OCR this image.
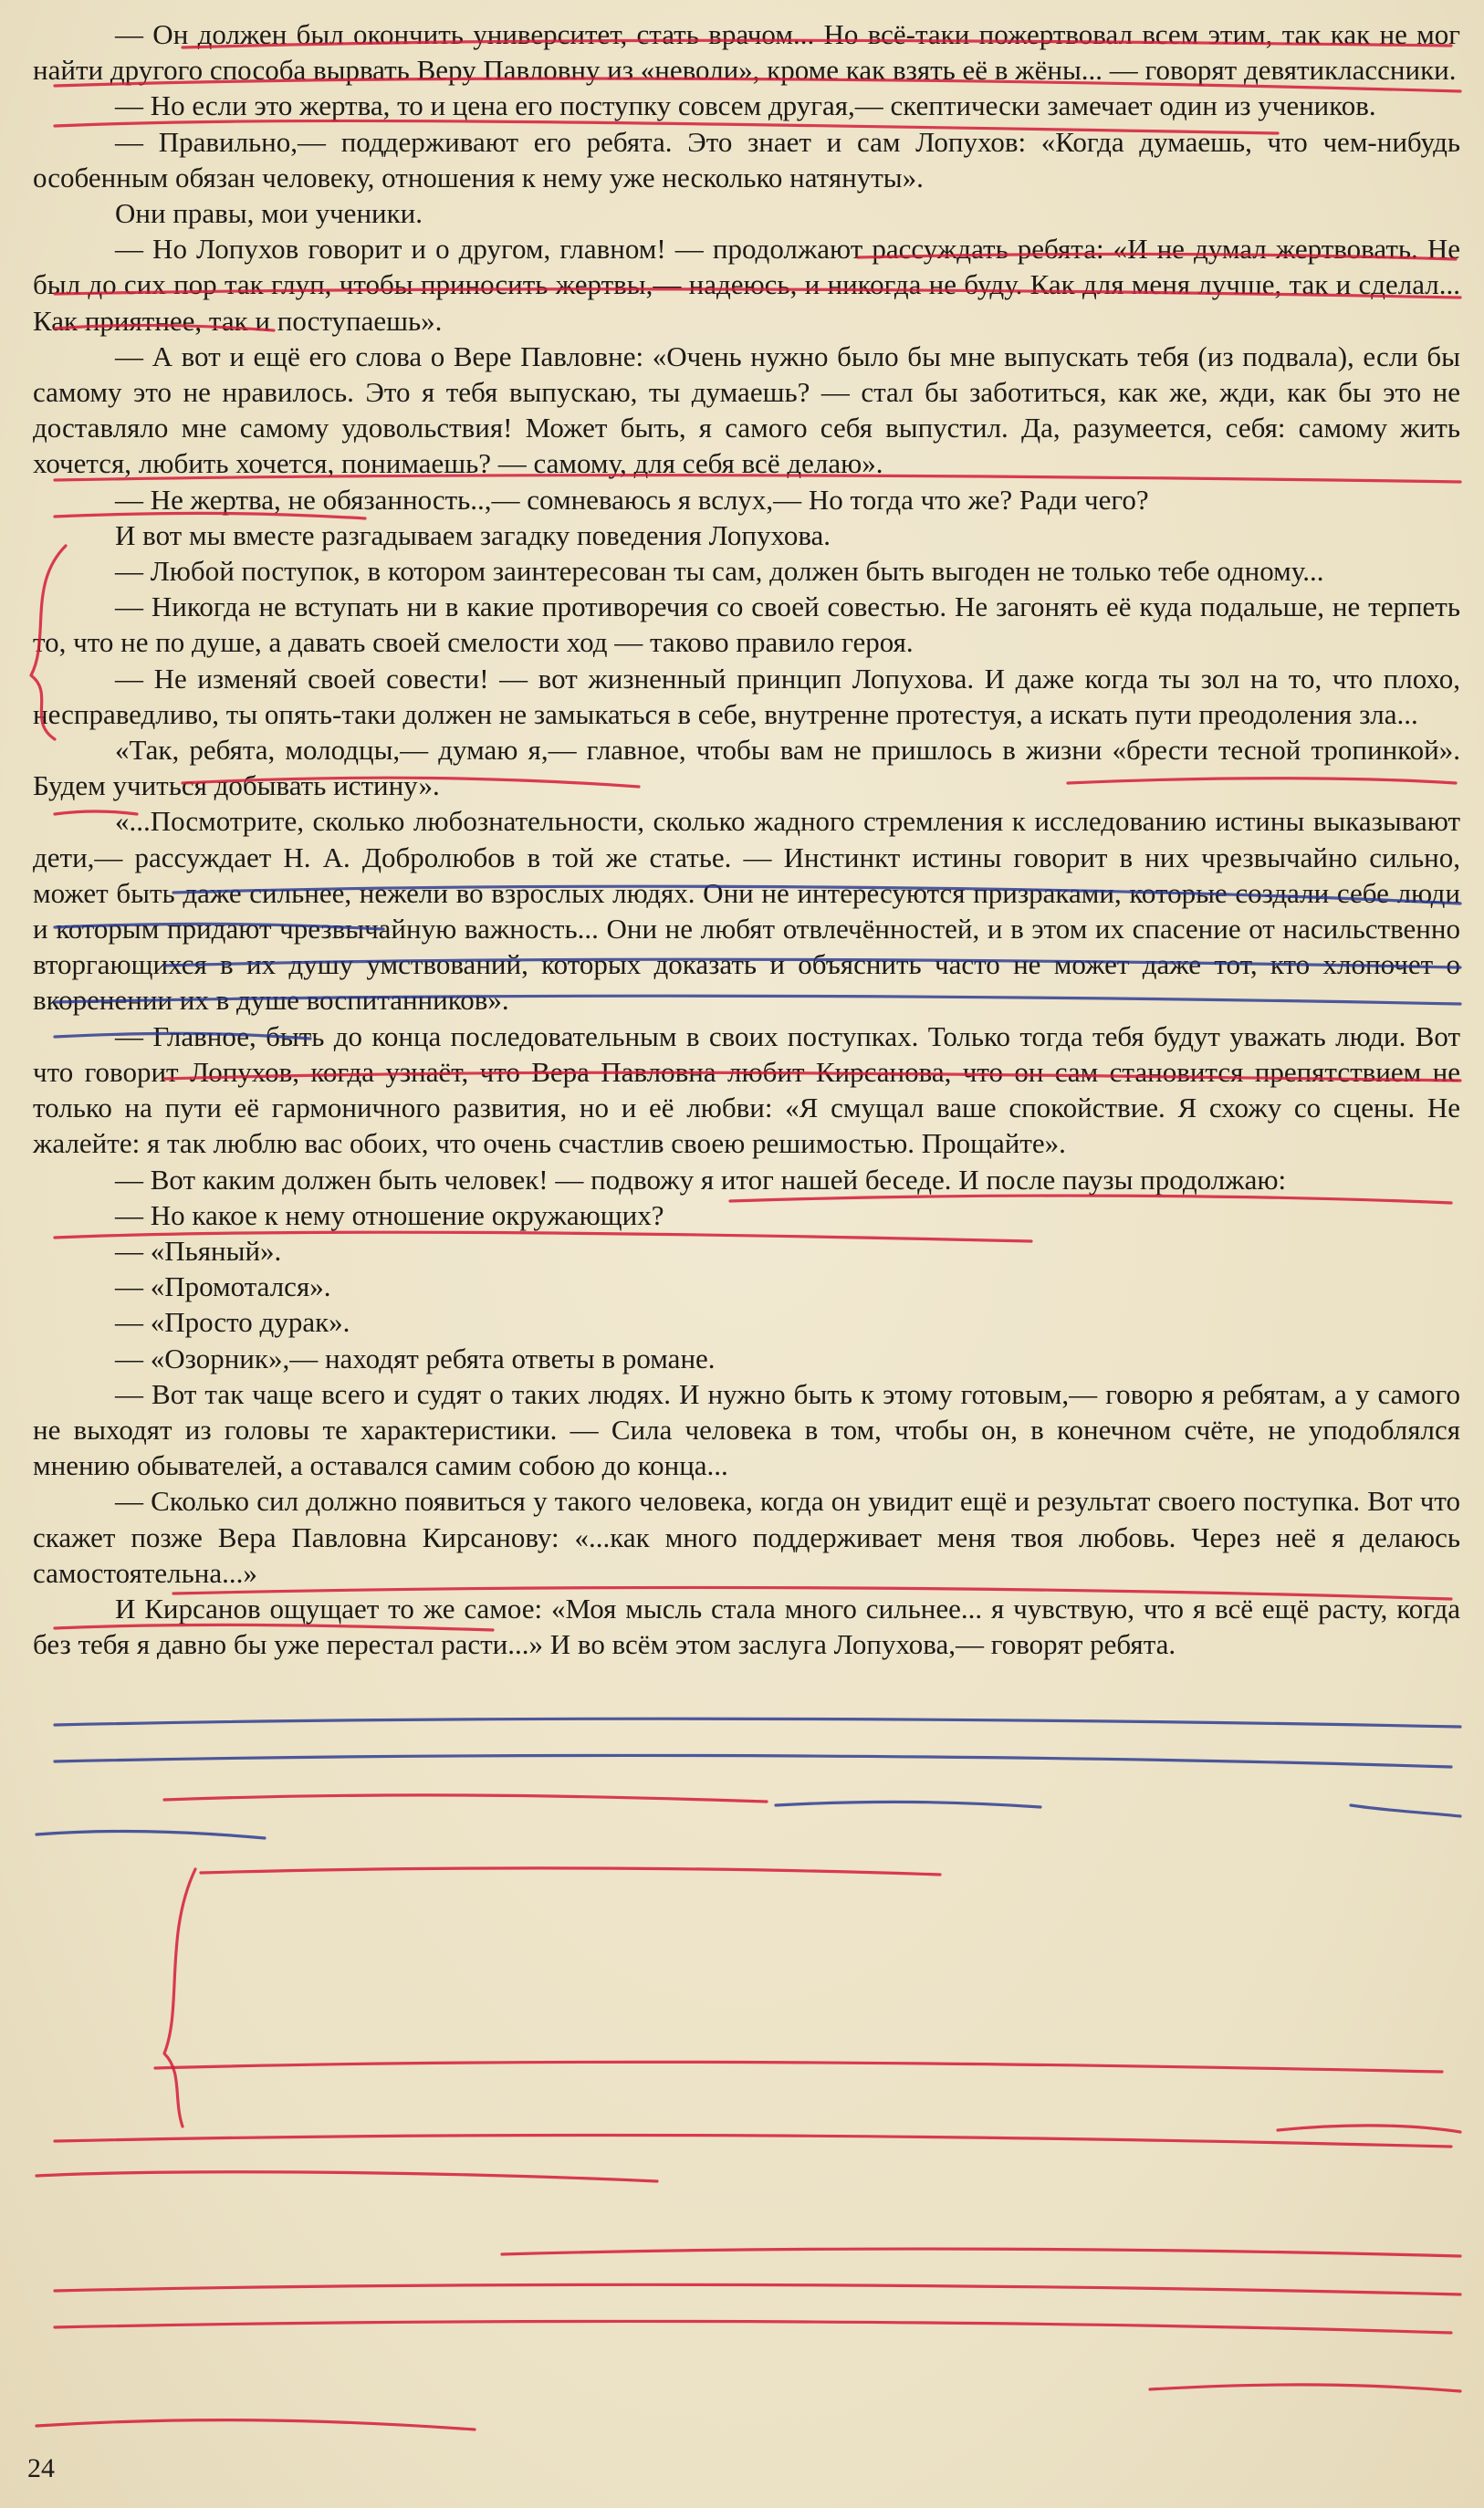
— Он должен был окончить университет, стать врачом... Но всё-таки пожертвовал всем этим, так как не мог найти другого способа вырвать Веру Павловну из «неволи», кроме как взять её в жёны... — говорят девятиклассники.

— Но если это жертва, то и цена его поступку совсем другая,— скептически замечает один из учеников.

— Правильно,— поддерживают его ребята. Это знает и сам Лопухов: «Когда думаешь, что чем-нибудь особенным обязан человеку, отношения к нему уже несколько натянуты».

Они правы, мои ученики.

— Но Лопухов говорит и о другом, главном! — продолжают рассуждать ребята: «И не думал жертвовать. Не был до сих пор так глуп, чтобы приносить жертвы,— надеюсь, и никогда не буду. Как для меня лучше, так и сделал... Как приятнее, так и поступаешь».

— А вот и ещё его слова о Вере Павловне: «Очень нужно было бы мне выпускать тебя (из подвала), если бы самому это не нравилось. Это я тебя выпускаю, ты думаешь? — стал бы заботиться, как же, жди, как бы это не доставляло мне самому удовольствия! Может быть, я самого себя выпустил. Да, разумеется, себя: самому жить хочется, любить хочется, понимаешь? — самому, для себя всё делаю».

— Не жертва, не обязанность..,— сомневаюсь я вслух,— Но тогда что же? Ради чего?

И вот мы вместе разгадываем загадку поведения Лопухова.

— Любой поступок, в котором заинтересован ты сам, должен быть выгоден не только тебе одному...

— Никогда не вступать ни в какие противоречия со своей совестью. Не загонять её куда подальше, не терпеть то, что не по душе, а давать своей смелости ход — таково правило героя.

— Не изменяй своей совести! — вот жизненный принцип Лопухова. И даже когда ты зол на то, что плохо, несправедливо, ты опять-таки должен не замыкаться в себе, внутренне протестуя, а искать пути преодоления зла...

«Так, ребята, молодцы,— думаю я,— главное, чтобы вам не пришлось в жизни «брести тесной тропинкой». Будем учиться добывать истину».

«...Посмотрите, сколько любознательности, сколько жадного стремления к исследованию истины выказывают дети,— рассуждает Н. А. Добролюбов в той же статье. — Инстинкт истины говорит в них чрезвычайно сильно, может быть даже сильнее, нежели во взрослых людях. Они не интересуются призраками, которые создали себе люди и которым придают чрезвычайную важность... Они не любят отвлечённостей, и в этом их спасение от насильственно вторгающихся в их душу умствований, которых доказать и объяснить часто не может даже тот, кто хлопочет о вкоренении их в душе воспитанников».

— Главное, быть до конца последовательным в своих поступках. Только тогда тебя будут уважать люди. Вот что говорит Лопухов, когда узнаёт, что Вера Павловна любит Кирсанова, что он сам становится препятствием не только на пути её гармоничного развития, но и её любви: «Я смущал ваше спокойствие. Я схожу со сцены. Не жалейте: я так люблю вас обоих, что очень счастлив своею решимостью. Прощайте».

— Вот каким должен быть человек! — подвожу я итог нашей беседе. И после паузы продолжаю:

— Но какое к нему отношение окружающих?

— «Пьяный».

— «Промотался».

— «Просто дурак».

— «Озорник»,— находят ребята ответы в романе.

— Вот так чаще всего и судят о таких людях. И нужно быть к этому готовым,— говорю я ребятам, а у самого не выходят из головы те характеристики. — Сила человека в том, чтобы он, в конечном счёте, не уподоблялся мнению обывателей, а оставался самим собою до конца...

— Сколько сил должно появиться у такого человека, когда он увидит ещё и результат своего поступка. Вот что скажет позже Вера Павловна Кирсанову: «...как много поддерживает меня твоя любовь. Через неё я делаюсь самостоятельна...»

И Кирсанов ощущает то же самое: «Моя мысль стала много сильнее... я чувствую, что я всё ещё расту, когда без тебя я давно бы уже перестал расти...» И во всём этом заслуга Лопухова,— говорят ребята.

24
